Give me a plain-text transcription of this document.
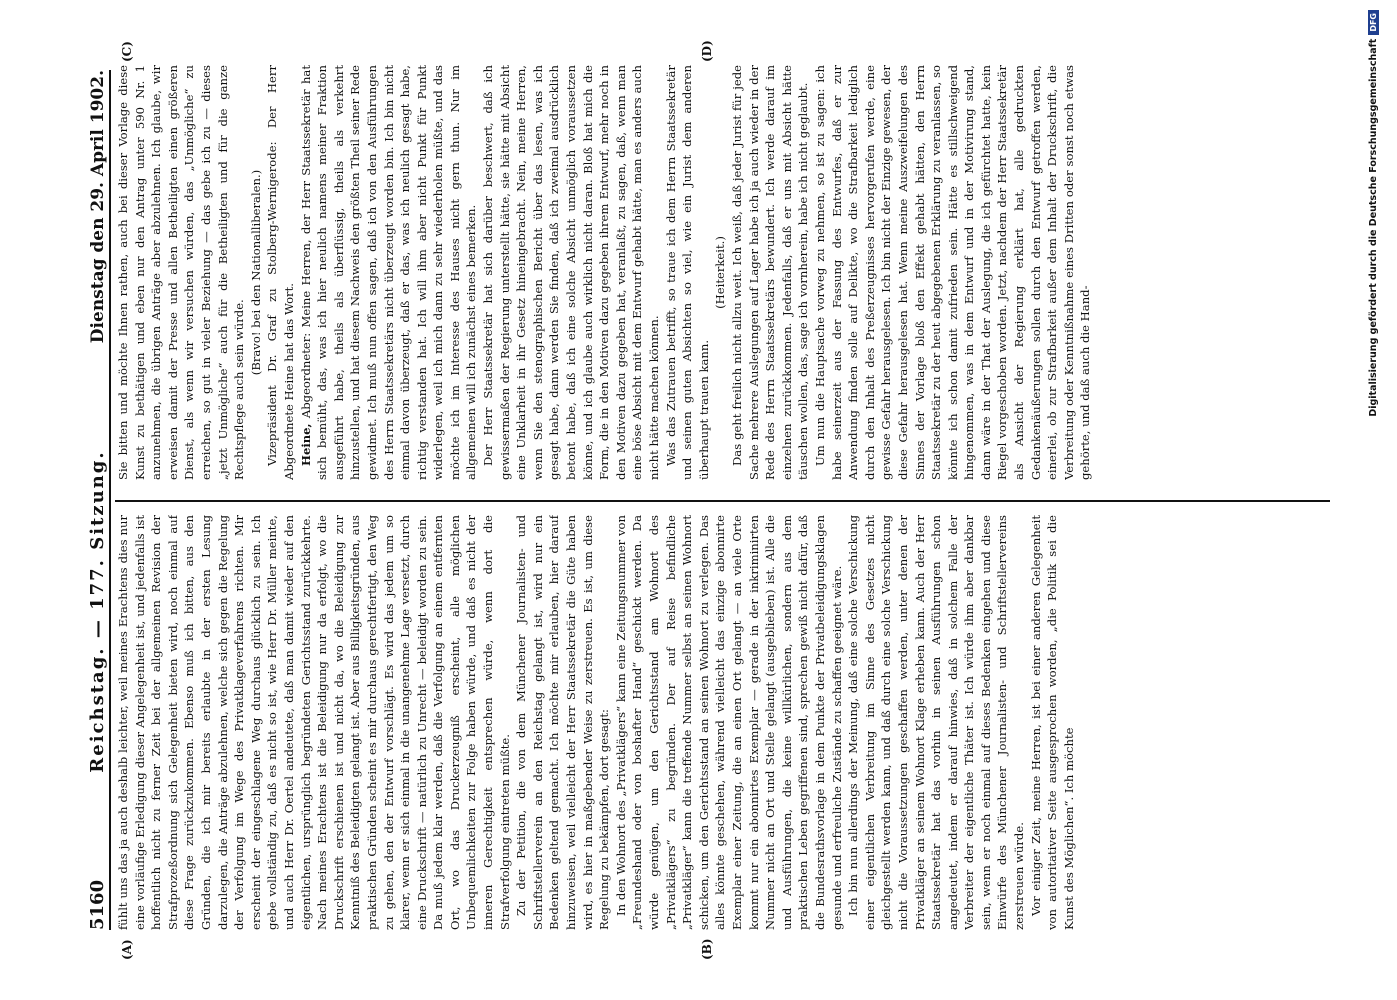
5160
Reichstag. — 177. Sitzung.
Dienstag den 29. April 1902.
(A)	(B)
(C)	(D)

fühlt uns das ja auch deshalb leichter, weil meines Erachtens dies nur eine vorläufige Erledigung dieser Angelegenheit ist, und jedenfalls ist hoffentlich nicht zu ferner Zeit bei der allgemeinen Revision der Strafprozeßordnung sich Gelegenheit bieten wird, noch einmal auf diese Frage zurückzukommen. Ebenso muß ich bitten, aus den Gründen, die ich mir bereits erlaubte in der ersten Lesung darzulegen, die Anträge abzulehnen, welche sich gegen die Regelung der Verfolgung im Wege des Privatklageverfahrens richten. Mir erscheint der eingeschlagene Weg durchaus glücklich zu sein. Ich gebe vollständig zu, daß es nicht so ist, wie Herr Dr. Müller meinte, und auch Herr Dr. Oertel andeutete, daß man damit wieder auf den eigentlichen, ursprünglich begründeten Gerichtsstand zurückkehrte. Nach meines Erachtens ist die Beleidigung nur da erfolgt, wo die Druckschrift erschienen ist und nicht da, wo die Beleidigung zur Kenntniß des Beleidigten gelangt ist. Aber aus Billigkeitsgründen, aus praktischen Gründen scheint es mir durchaus gerechtfertigt, den Weg zu gehen, den der Entwurf vorschlägt. Es wird das jedem um so klarer, wenn er sich einmal in die unangenehme Lage versetzt, durch eine Druckschrift — natürlich zu Unrecht — beleidigt worden zu sein. Da muß jedem klar werden, daß die Verfolgung an einem entfernten Ort, wo das Druckerzeugniß erscheint, alle möglichen Unbequemlichkeiten zur Folge haben würde, und daß es nicht der inneren Gerechtigkeit entsprechen würde, wenn dort die Strafverfolgung eintreten müßte. Zu der Petition, die von dem Münchener Journalisten- und Schriftstellerverein an den Reichstag gelangt ist, wird nur ein Bedenken geltend gemacht. Ich möchte mir erlauben, hier darauf hinzuweisen, weil vielleicht der Herr Staatssekretär die Güte haben wird, es hier in maßgebender Weise zu zerstreuen. Es ist, um diese Regelung zu bekämpfen, dort gesagt: In den Wohnort des „Privatklägers“ kann eine Zeitungsnummer von „Freundeshand oder von boshafter Hand“ geschickt werden. Da würde genügen, um den Gerichtsstand am Wohnort des „Privatklägers“ zu begründen. Der auf Reise befindliche „Privatkläger“ kann die treffende Nummer selbst an seinen Wohnort schicken, um den Gerichtsstand an seinen Wohnort zu verlegen. Das alles könnte geschehen, während vielleicht das einzige abonnirte Exemplar einer Zeitung, die an einen Ort gelangt — an viele Orte kommt nur ein abonnirtes Exemplar — gerade in der inkriminirten Nummer nicht an Ort und Stelle gelangt (ausgeblieben) ist. Alle die und Ausführungen, die keine willkürlichen, sondern aus dem praktischen Leben gegriffenen sind, sprechen gewiß nicht dafür, daß die Bundesrathsvorlage in dem Punkte der Privatbeleidigungsklagen gesunde und erfreuliche Zustände zu schaffen geeignet wäre. Ich bin nun allerdings der Meinung, daß eine solche Verschickung einer eigentlichen Verbreitung im Sinne des Gesetzes nicht gleichgestellt werden kann, und daß durch eine solche Verschickung nicht die Voraussetzungen geschaffen werden, unter denen der Privatkläger an seinem Wohnort Klage erheben kann. Auch der Herr Staatssekretär hat das vorhin in seinen Ausführungen schon angedeutet, indem er darauf hinwies, daß in solchem Falle der Verbreiter der eigentliche Thäter ist. Ich würde ihm aber dankbar sein, wenn er noch einmal auf dieses Bedenken eingehen und diese Einwürfe des Münchener Journalisten- und Schriftstellervereins zerstreuen würde. Vor einiger Zeit, meine Herren, ist bei einer anderen Gelegenheit von autoritativer Seite ausgesprochen worden, „die Politik sei die Kunst des Möglichen“. Ich möchte

Sie bitten und möchte Ihnen rathen, auch bei dieser Vorlage diese Kunst zu bethätigen und eben nur den Antrag unter 590 Nr. 1 anzunehmen, die übrigen Anträge aber abzulehnen. Ich glaube, wir erweisen damit der Presse und allen Betheiligten einen größeren Dienst, als wenn wir versuchen würden, das „Unmögliche“ zu erreichen, so gut in vieler Beziehung — das gebe ich zu — dieses „jetzt Unmögliche“ auch für die Betheiligten und für die ganze Rechtspflege auch sein würde.

(Bravo! bei den Nationalliberalen.) Vizepräsident Dr. Graf zu Stolberg-Wernigerode: Der Herr Abgeordnete Heine hat das Wort. Heine, Abgeordneter: Meine Herren, der Herr Staatssekretär hat sich bemüht, das, was ich hier neulich namens meiner Fraktion ausgeführt habe, theils als überflüssig, theils als verkehrt hinzustellen, und hat diesem Nachweis den größten Theil seiner Rede gewidmet. Ich muß nun offen sagen, daß ich von den Ausführungen des Herrn Staatssekretärs nicht überzeugt worden bin. Ich bin nicht einmal davon überzeugt, daß er das, was ich neulich gesagt habe, richtig verstanden hat. Ich will ihm aber nicht Punkt für Punkt widerlegen, weil ich mich dann zu sehr wiederholen müßte, und das möchte ich im Interesse des Hauses nicht gern thun. Nur im allgemeinen will ich zunächst eines bemerken. Der Herr Staatssekretär hat sich darüber beschwert, daß ich gewissermaßen der Regierung unterstellt hätte, sie hätte mit Absicht eine Unklarheit in ihr Gesetz hineingebracht. Nein, meine Herren, wenn Sie den stenographischen Bericht über das lesen, was ich gesagt habe, dann werden Sie finden, daß ich zweimal ausdrücklich betont habe, daß ich eine solche Absicht unmöglich voraussetzen könne, und ich glaube auch wirklich nicht daran. Bloß hat mich die Form, die in den Motiven dazu gegeben ihrem Entwurf, mehr noch in den Motiven dazu gegeben hat, veranlaßt, zu sagen, daß, wenn man eine böse Absicht mit dem Entwurf gehabt hätte, man es anders auch nicht hätte machen können. Was das Zutrauen betrifft, so traue ich dem Herrn Staatssekretär und seinen guten Absichten so viel, wie ein Jurist dem anderen überhaupt trauen kann.

(Heiterkeit.) Das geht freilich nicht allzu weit. Ich weiß, daß jeder Jurist für jede Sache mehrere Auslegungen auf Lager habe ich ja auch wieder in der Rede des Herrn Staatssekretärs bewundert. Ich werde darauf im einzelnen zurückkommen. Jedenfalls, daß er uns mit Absicht hätte täuschen wollen, das, sage ich vornherein, habe ich nicht geglaubt. Um nun die Hauptsache vorweg zu nehmen, so ist zu sagen: ich habe seinerzeit aus der Fassung des Entwurfes, daß er zur Anwendung finden solle auf Delikte, wo die Strafbarkeit lediglich durch den Inhalt des Preßerzeugnisses hervorgerufen werde, eine gewisse Gefahr herausgelesen. Ich bin nicht der Einzige gewesen, der diese Gefahr herausgelesen hat. Wenn meine Auszweifelungen des Sinnes der Vorlage bloß den Effekt gehabt hätten, den Herrn Staatssekretär zu der heut abgegebenen Erklärung zu veranlassen, so könnte ich schon damit zufrieden sein. Hätte es stillschweigend hingenommen, was in dem Entwurf und in der Motivirung stand, dann wäre in der That der Auslegung, die ich gefürchtet hatte, kein Riegel vorgeschoben worden. Jetzt, nachdem der Herr Staatssekretär als Ansicht der Regierung erklärt hat, alle gedruckten Gedankenäußerungen sollen durch den Entwurf getroffen werden, einerlei, ob zur Strafbarkeit außer dem Inhalt der Druckschrift, die Verbreitung oder Kenntnißnahme eines Dritten oder sonst noch etwas gehörte, und daß auch die Hand-	Digitalisierung gefördert durch die Deutsche ForschungsgemeinschaftDFG
